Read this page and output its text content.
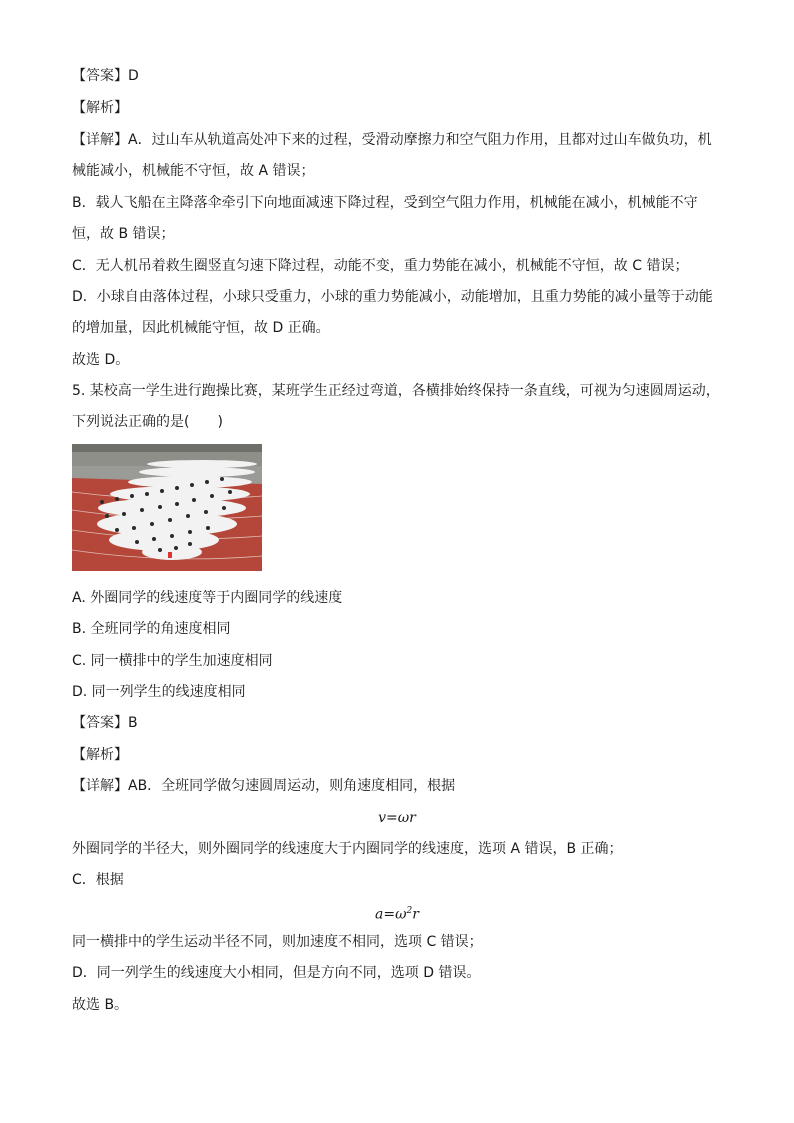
【答案】D
【解析】
【详解】A．过山车从轨道高处冲下来的过程，受滑动摩擦力和空气阻力作用，且都对过山车做负功，机
械能减小，机械能不守恒，故 A 错误；
B．载人飞船在主降落伞牵引下向地面减速下降过程，受到空气阻力作用，机械能在减小，机械能不守
恒，故 B 错误；
C．无人机吊着救生圈竖直匀速下降过程，动能不变，重力势能在减小，机械能不守恒，故 C 错误；
D．小球自由落体过程，小球只受重力，小球的重力势能减小，动能增加，且重力势能的减小量等于动能
的增加量，因此机械能守恒，故 D 正确。
故选 D。
5. 某校高一学生进行跑操比赛，某班学生正经过弯道，各横排始终保持一条直线，可视为匀速圆周运动，
下列说法正确的是(　　)
A. 外圈同学的线速度等于内圈同学的线速度
B. 全班同学的角速度相同
C. 同一横排中的学生加速度相同
D. 同一列学生的线速度相同
【答案】B
【解析】
【详解】AB．全班同学做匀速圆周运动，则角速度相同，根据
v=ωr
外圈同学的半径大，则外圈同学的线速度大于内圈同学的线速度，选项 A 错误，B 正确；
C．根据
$a=\omega^2r$
同一横排中的学生运动半径不同，则加速度不相同，选项 C 错误；
D．同一列学生的线速度大小相同，但是方向不同，选项 D 错误。
故选 B。
